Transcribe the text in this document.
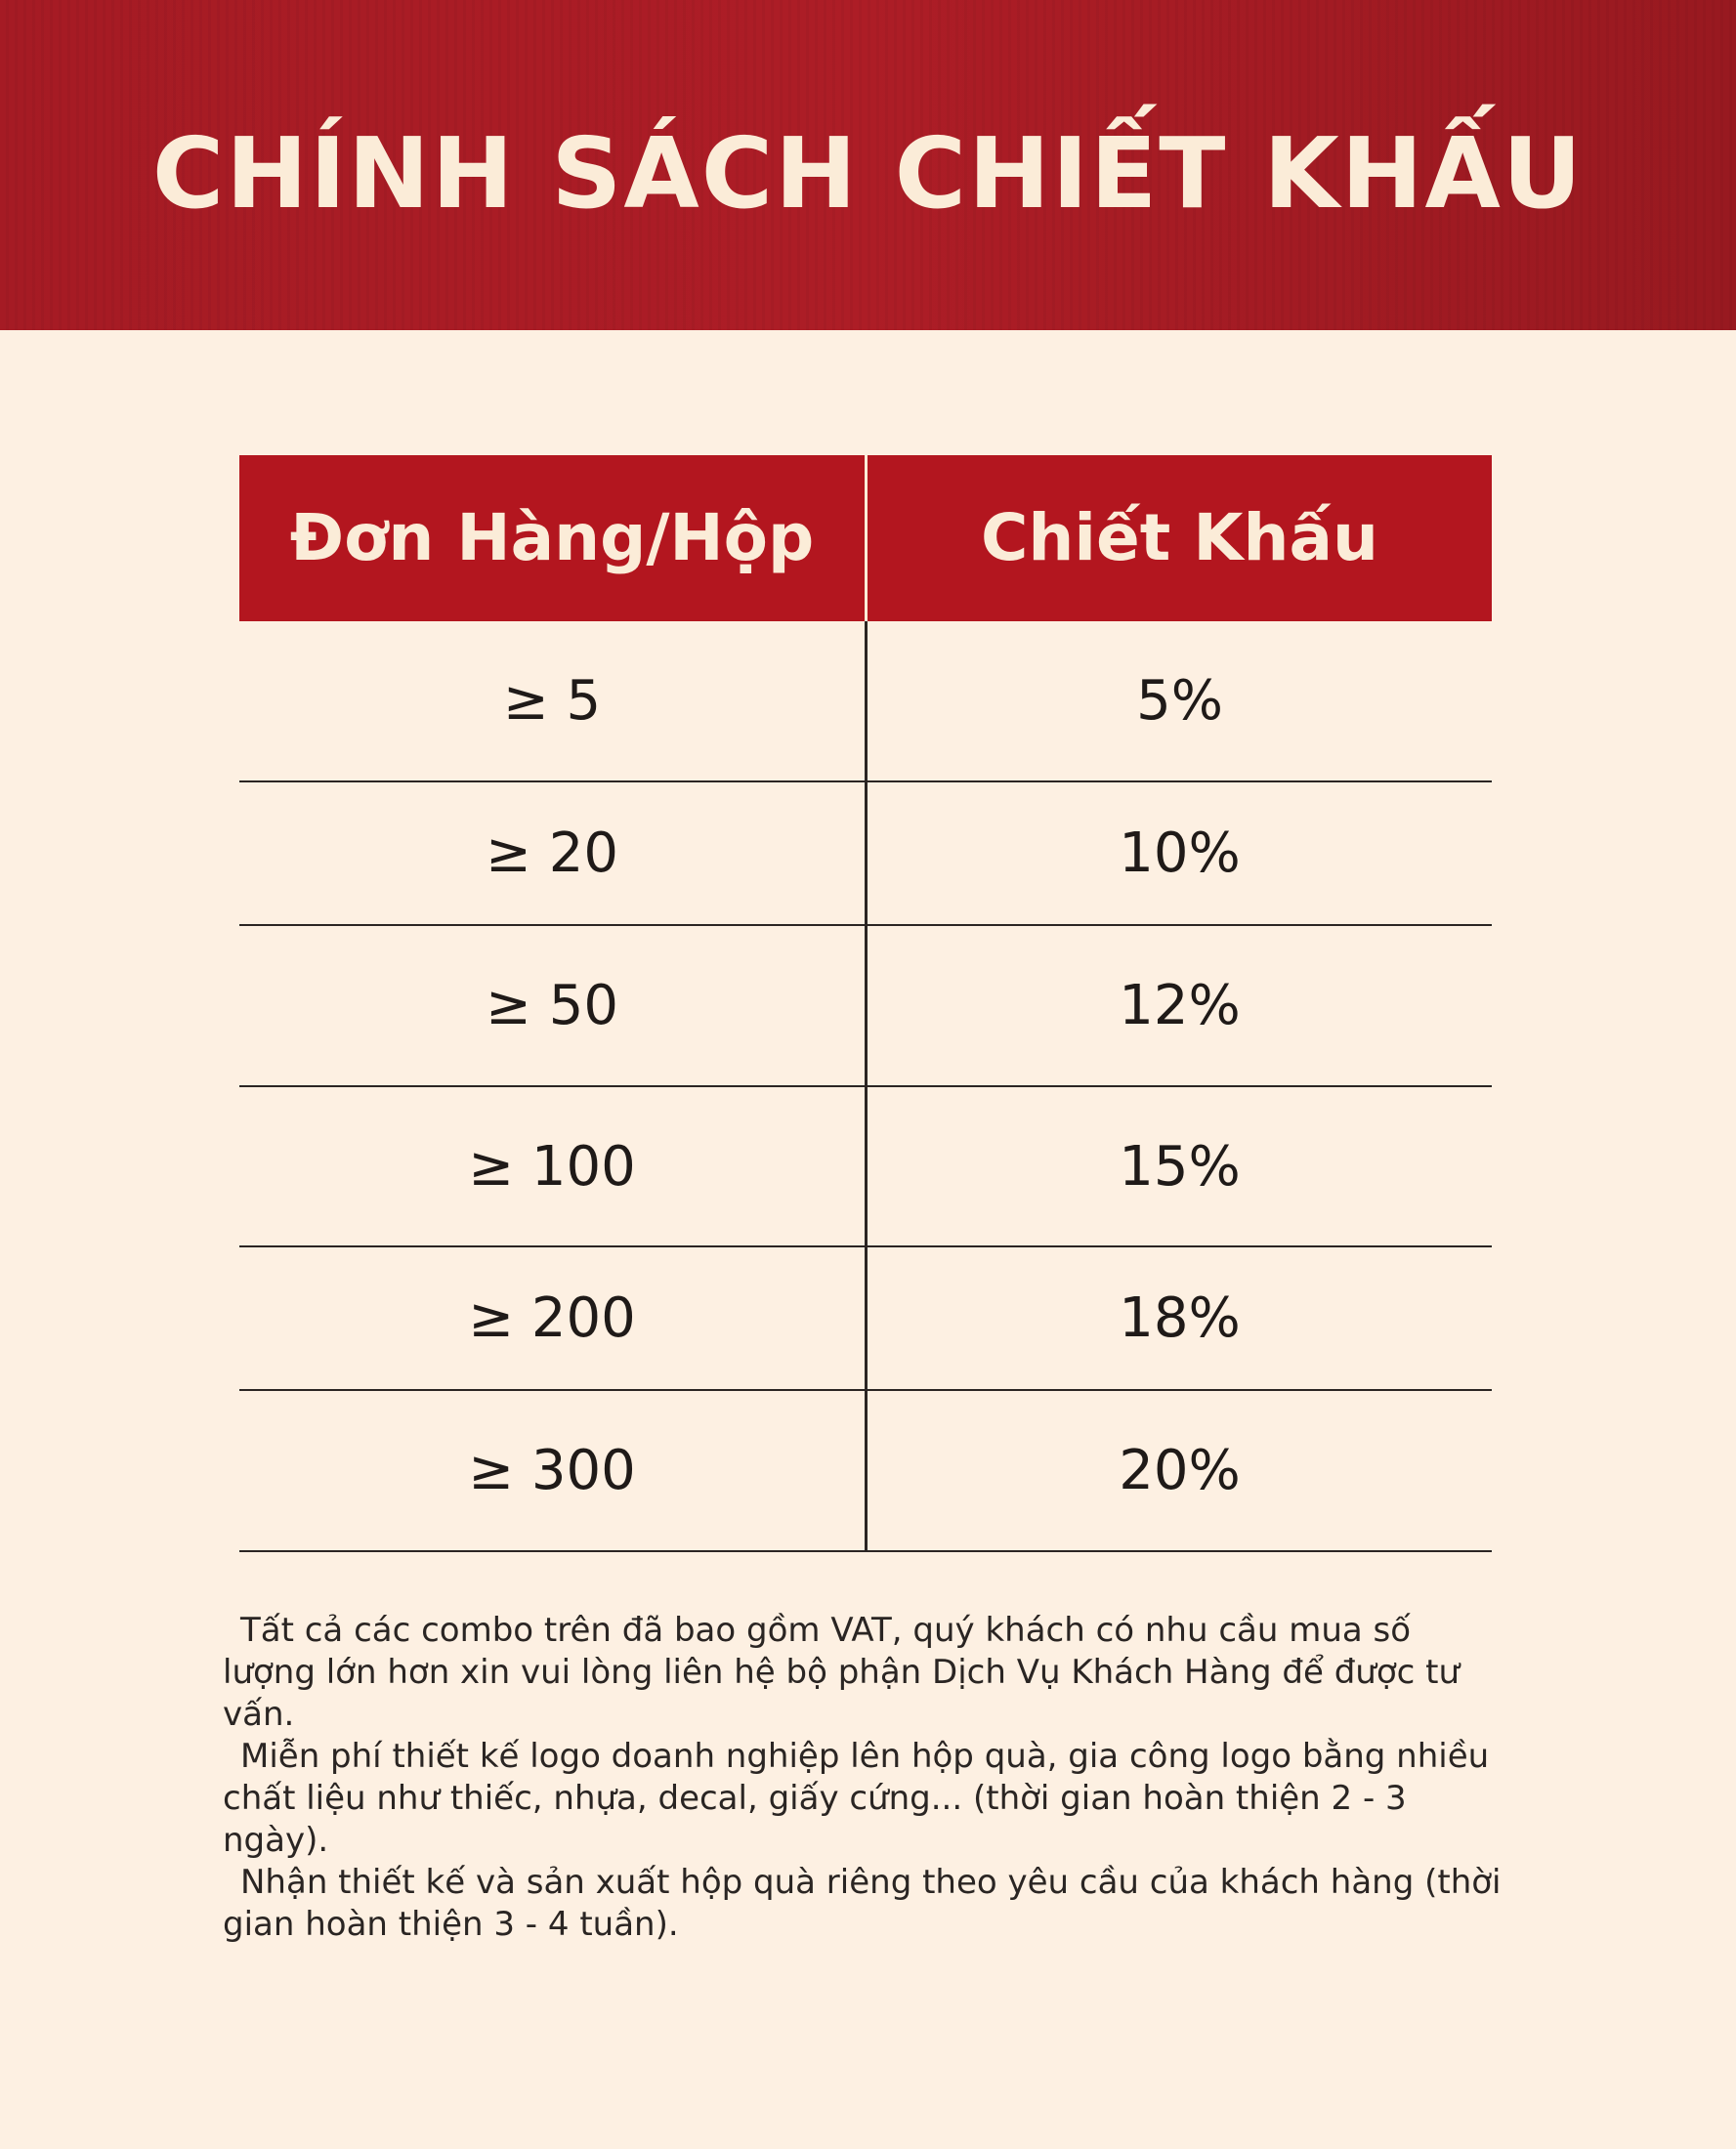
CHÍNH SÁCH CHIẾT KHẤU
Đơn Hàng/Hộp	Chiết Khấu
≥ 5	5%
≥ 20	10%
≥ 50	12%
≥ 100	15%
≥ 200	18%
≥ 300	20%

Tất cả các combo trên đã bao gồm VAT, quý khách có nhu cầu mua số lượng lớn hơn xin vui lòng liên hệ bộ phận Dịch Vụ Khách Hàng để được tư vấn.

Miễn phí thiết kế logo doanh nghiệp lên hộp quà, gia công logo bằng nhiều chất liệu như thiếc, nhựa, decal, giấy cứng... (thời gian hoàn thiện 2 - 3 ngày).

Nhận thiết kế và sản xuất hộp quà riêng theo yêu cầu của khách hàng (thời gian hoàn thiện 3 - 4 tuần).
